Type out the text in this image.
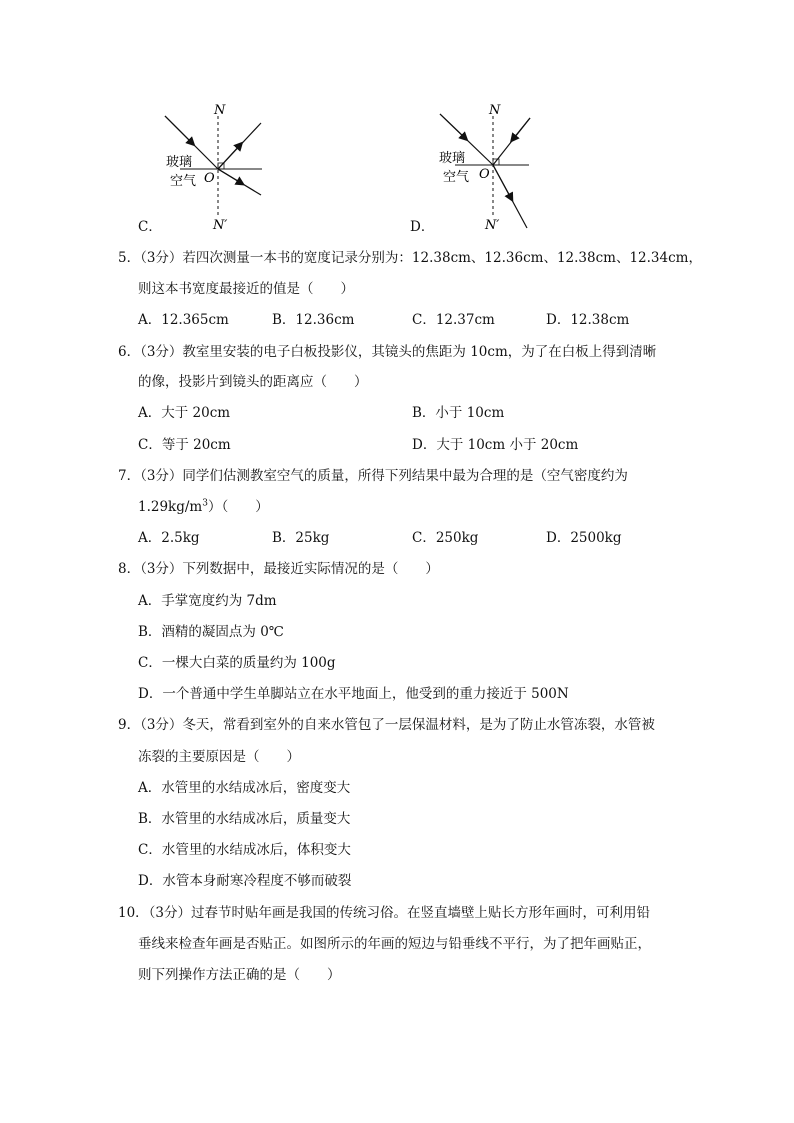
N
N′
O
玻璃
空气
C．
N
N′
O
玻璃
空气
D．
5．（3分）若四次测量一本书的宽度记录分别为：12.38cm、12.36cm、12.38cm、12.34cm，
则这本书宽度最接近的值是（　　）
A．12.365cm	B．12.36cm	C．12.37cm	D．12.38cm
6．（3分）教室里安装的电子白板投影仪，其镜头的焦距为 10cm，为了在白板上得到清晰
的像，投影片到镜头的距离应（　　）
A．大于 20cm	B．小于 10cm
C．等于 20cm	D．大于 10cm 小于 20cm
7．（3分）同学们估测教室空气的质量，所得下列结果中最为合理的是（空气密度约为
$1.29kg/m^3$）（　　）
A．2.5kg	B．25kg	C．250kg	D．2500kg
8．（3分）下列数据中，最接近实际情况的是（　　）
A．手掌宽度约为 7dm
B．酒精的凝固点为 0℃
C．一棵大白菜的质量约为 100g
D．一个普通中学生单脚站立在水平地面上，他受到的重力接近于 500N
9．（3分）冬天，常看到室外的自来水管包了一层保温材料，是为了防止水管冻裂，水管被
冻裂的主要原因是（　　）
A．水管里的水结成冰后，密度变大
B．水管里的水结成冰后，质量变大
C．水管里的水结成冰后，体积变大
D．水管本身耐寒冷程度不够而破裂
10．（3分）过春节时贴年画是我国的传统习俗。在竖直墙壁上贴长方形年画时，可利用铅
垂线来检查年画是否贴正。如图所示的年画的短边与铅垂线不平行，为了把年画贴正，
则下列操作方法正确的是（　　）
